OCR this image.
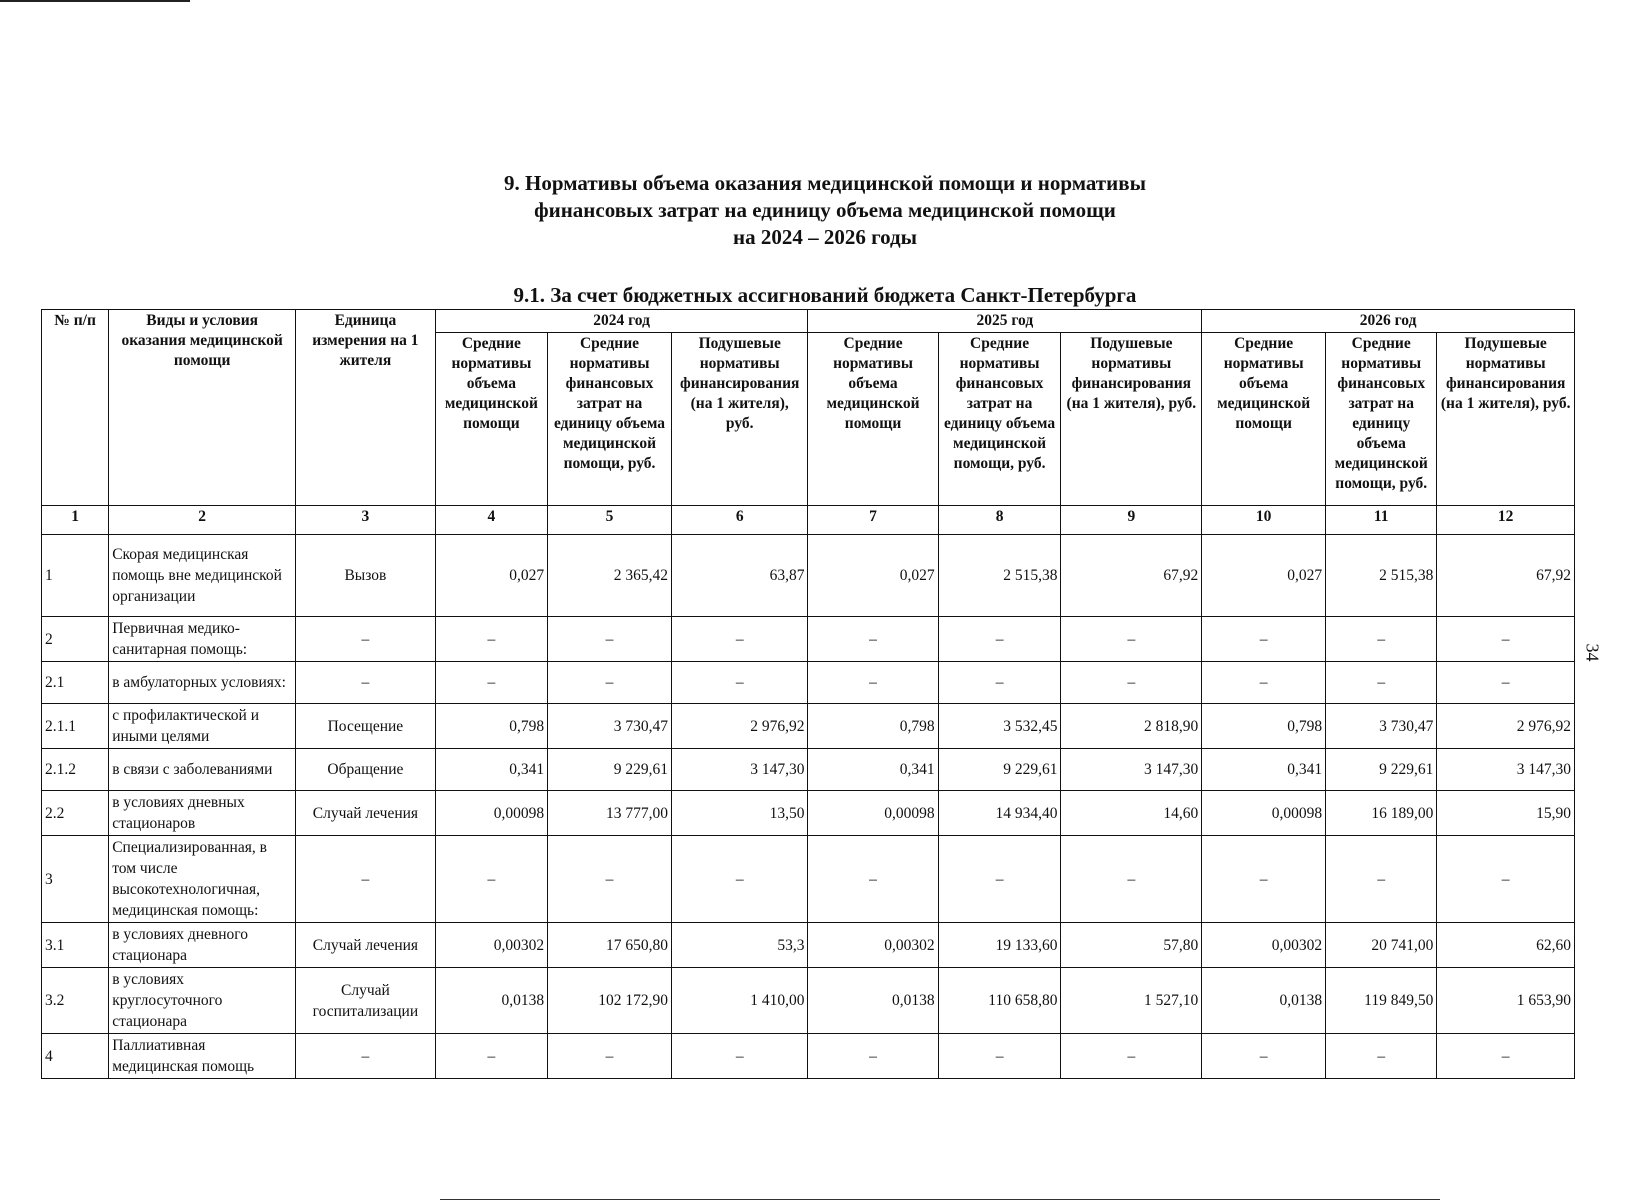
9. Нормативы объема оказания медицинской помощи и нормативы
финансовых затрат на единицу объема медицинской помощи
на 2024 – 2026 годы
9.1. За счет бюджетных ассигнований бюджета Санкт-Петербурга
34
№ п/п	Виды и условия оказания медицинской помощи	Единица измерения на 1 жителя	2024 год			2025 год			2026 год		
			Средние нормативы объема медицинской помощи	Средние нормативы финансовых затрат на единицу объема медицинской помощи, руб.	Подушевые нормативы финансирования (на 1 жителя), руб.	Средние нормативы объема медицинской помощи	Средние нормативы финансовых затрат на единицу объема медицинской помощи, руб.	Подушевые нормативы финансирования (на 1 жителя), руб.	Средние нормативы объема медицинской помощи	Средние нормативы финансовых затрат на единицу объема медицинской помощи, руб.	Подушевые нормативы финансирования (на 1 жителя), руб.
1	2	3	4	5	6	7	8	9	10	11	12
1	Скорая медицинская помощь вне медицинской организации	Вызов	0,027	2 365,42	63,87	0,027	2 515,38	67,92	0,027	2 515,38	67,92
2	Первичная медико-санитарная помощь:	–	–	–	–	–	–	–	–	–	–
2.1	в амбулаторных условиях:	–	–	–	–	–	–	–	–	–	–
2.1.1	с профилактической и иными целями	Посещение	0,798	3 730,47	2 976,92	0,798	3 532,45	2 818,90	0,798	3 730,47	2 976,92
2.1.2	в связи с заболеваниями	Обращение	0,341	9 229,61	3 147,30	0,341	9 229,61	3 147,30	0,341	9 229,61	3 147,30
2.2	в условиях дневных стационаров	Случай лечения	0,00098	13 777,00	13,50	0,00098	14 934,40	14,60	0,00098	16 189,00	15,90
3	Специализированная, в том числе высокотехнологичная, медицинская помощь:	–	–	–	–	–	–	–	–	–	–
3.1	в условиях дневного стационара	Случай лечения	0,00302	17 650,80	53,3	0,00302	19 133,60	57,80	0,00302	20 741,00	62,60
3.2	в условиях круглосуточного стационара	Случай госпитализации	0,0138	102 172,90	1 410,00	0,0138	110 658,80	1 527,10	0,0138	119 849,50	1 653,90
4	Паллиативная медицинская помощь	–	–	–	–	–	–	–	–	–	–
